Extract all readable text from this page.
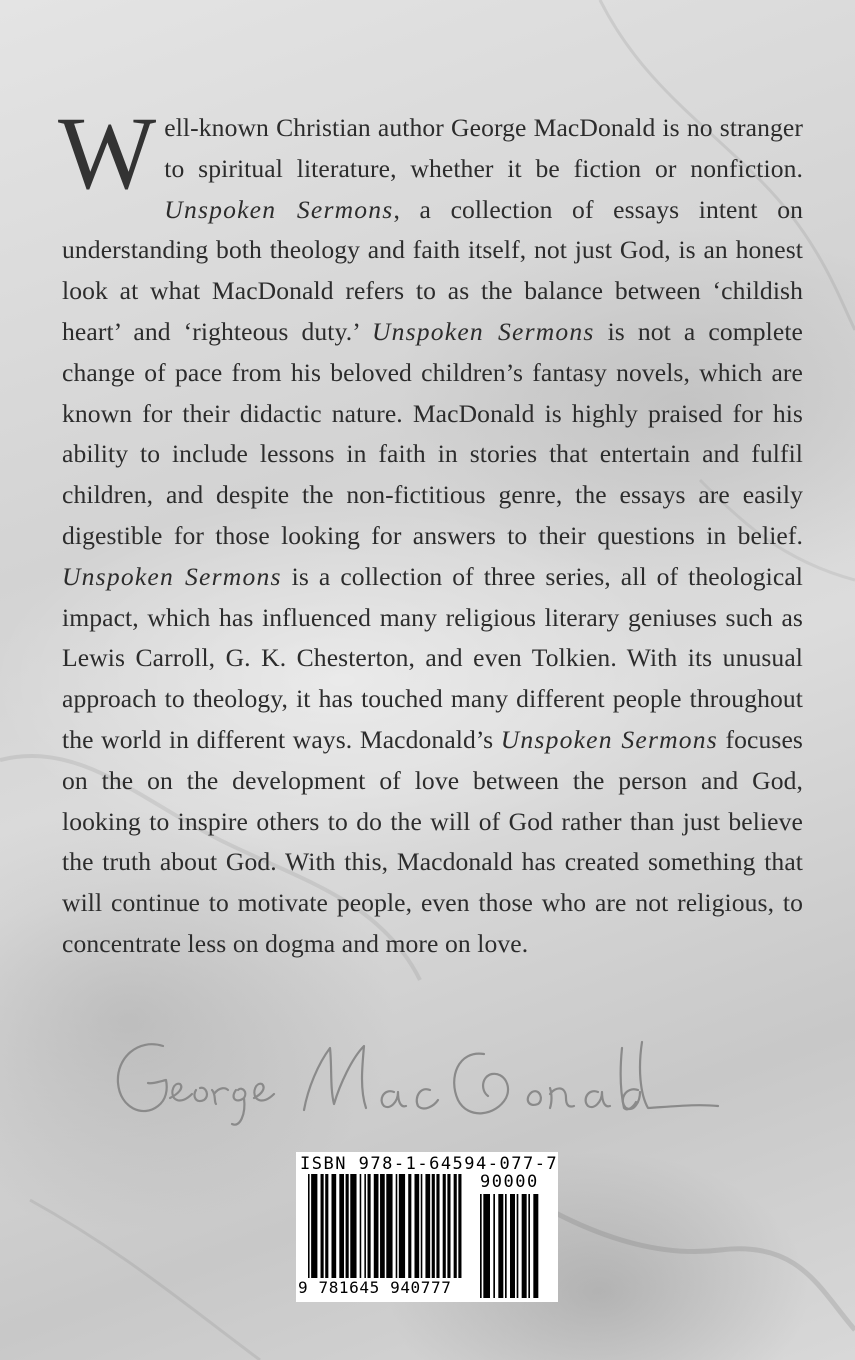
Well-known Christian author George MacDonald is no stranger to spiritual literature, whether it be fiction or nonfiction. Unspoken Sermons, a collection of essays intent on understanding both theology and faith itself, not just God, is an honest look at what MacDonald refers to as the balance between ‘childish heart’ and ‘righteous duty.’ Unspoken Sermons is not a complete change of pace from his beloved children’s fantasy novels, which are known for their didactic nature. MacDonald is highly praised for his ability to include lessons in faith in stories that entertain and fulfil children, and despite the non-fictitious genre, the essays are easily digestible for those looking for answers to their questions in belief. Unspoken Sermons is a collection of three series, all of theological impact, which has influenced many religious literary geniuses such as Lewis Carroll, G. K. Chesterton, and even Tolkien. With its unusual approach to theology, it has touched many different people throughout the world in different ways. Macdonald’s Unspoken Sermons focuses on the on the development of love between the person and God, looking to inspire others to do the will of God rather than just believe the truth about God. With this, Macdonald has created something that will continue to motivate people, even those who are not religious, to concentrate less on dogma and more on love.
George Mac Donald
ISBN 978-1-64594-077-7
90000
9 781645 940777
